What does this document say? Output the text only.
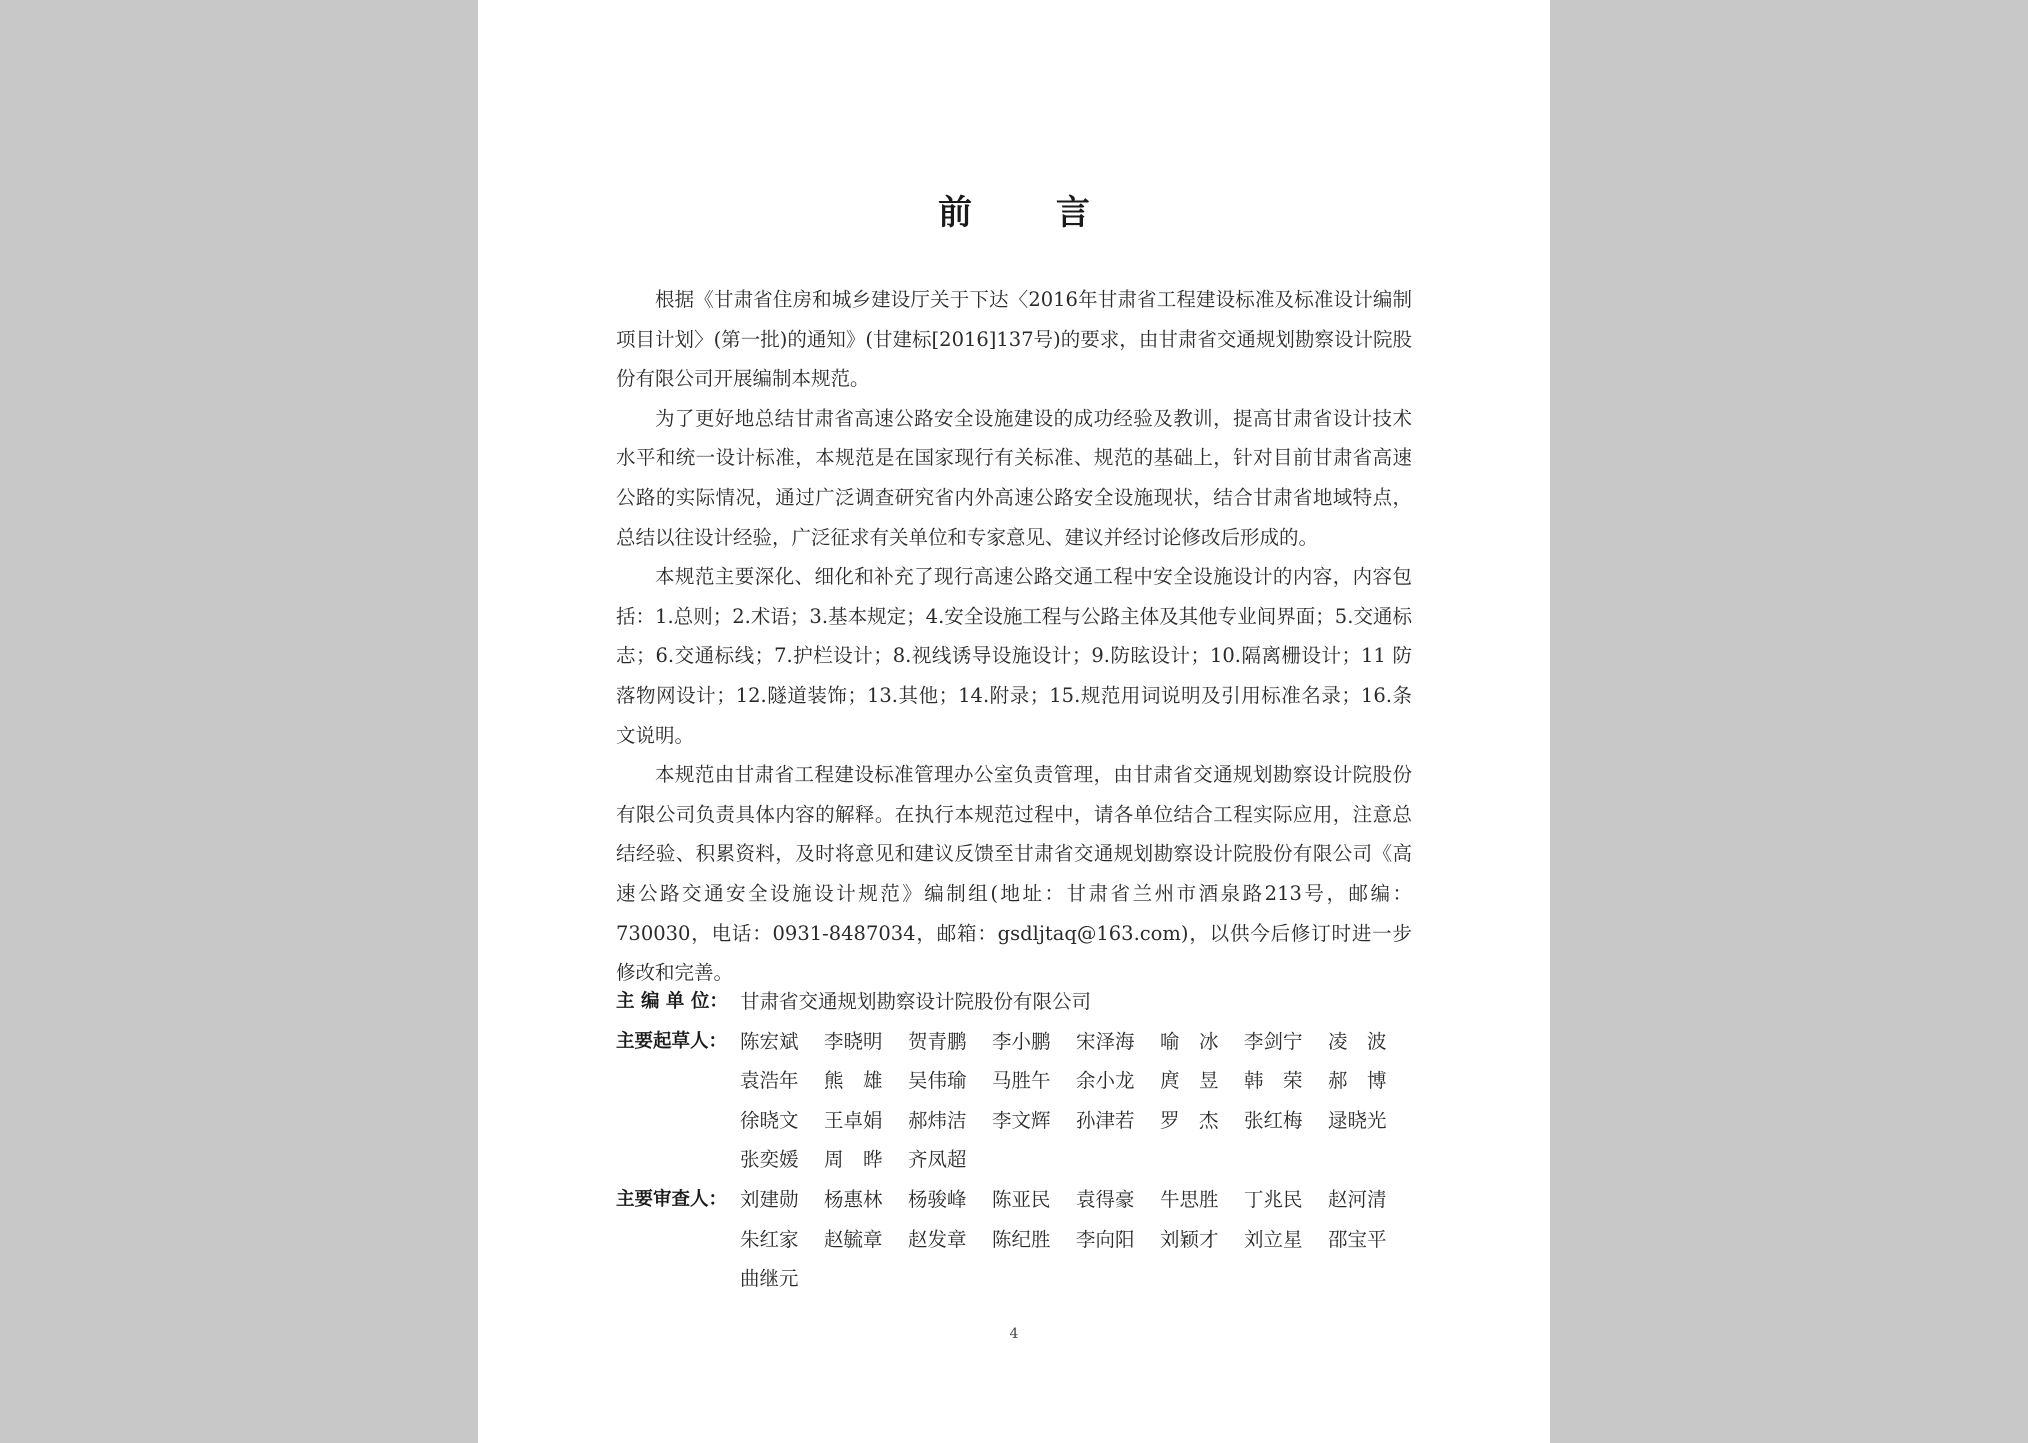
前 言

根据《甘肃省住房和城乡建设厅关于下达〈2016年甘肃省工程建设标准及标准设计编制项目计划〉(第一批)的通知》(甘建标[2016]137号)的要求，由甘肃省交通规划勘察设计院股份有限公司开展编制本规范。

为了更好地总结甘肃省高速公路安全设施建设的成功经验及教训，提高甘肃省设计技术水平和统一设计标准，本规范是在国家现行有关标准、规范的基础上，针对目前甘肃省高速公路的实际情况，通过广泛调查研究省内外高速公路安全设施现状，结合甘肃省地域特点，总结以往设计经验，广泛征求有关单位和专家意见、建议并经讨论修改后形成的。

本规范主要深化、细化和补充了现行高速公路交通工程中安全设施设计的内容，内容包括：1.总则；2.术语；3.基本规定；4.安全设施工程与公路主体及其他专业间界面；5.交通标志；6.交通标线；7.护栏设计；8.视线诱导设施设计；9.防眩设计；10.隔离栅设计；11 防落物网设计；12.隧道装饰；13.其他；14.附录；15.规范用词说明及引用标准名录；16.条文说明。

本规范由甘肃省工程建设标准管理办公室负责管理，由甘肃省交通规划勘察设计院股份有限公司负责具体内容的解释。在执行本规范过程中，请各单位结合工程实际应用，注意总结经验、积累资料，及时将意见和建议反馈至甘肃省交通规划勘察设计院股份有限公司《高速公路交通安全设施设计规范》编制组(地址：甘肃省兰州市酒泉路213号，邮编：730030，电话：0931-8487034，邮箱：gsdljtaq@163.com)，以供今后修订时进一步修改和完善。

主 编 单 位： 甘肃省交通规划勘察设计院股份有限公司
主要起草人： 陈宏斌	李晓明	贺青鹏	李小鹏	宋泽海	喻　冰	李剑宁	凌　波
袁浩年	熊　雄	吴伟瑜	马胜午	余小龙	庹　昱	韩　荣	郝　博
徐晓文	王卓娟	郝炜洁	李文辉	孙津若	罗　杰	张红梅	逯晓光
张奕媛	周　晔	齐凤超
主要审查人： 刘建勋	杨惠林	杨骏峰	陈亚民	袁得豪	牛思胜	丁兆民	赵河清
朱红家	赵毓章	赵发章	陈纪胜	李向阳	刘颖才	刘立星	邵宝平
曲继元
4
